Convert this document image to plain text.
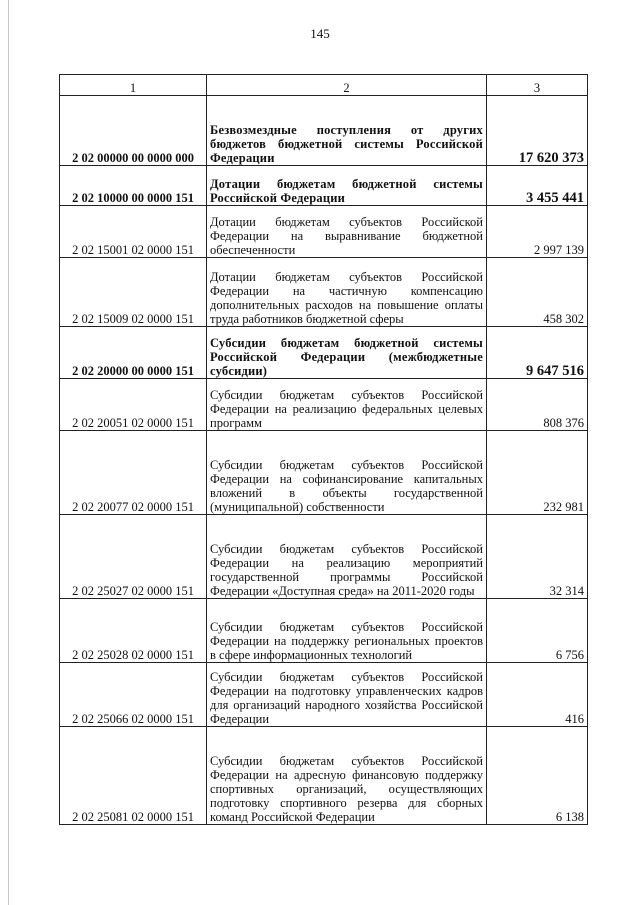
145
1	2	3
2 02 00000 00 0000 000	Безвозмездные поступления от других бюджетов бюджетной системы Российской Федерации	17 620 373
2 02 10000 00 0000 151	Дотации бюджетам бюджетной системы Российской Федерации	3 455 441
2 02 15001 02 0000 151	Дотации бюджетам субъектов Российской Федерации на выравнивание бюджетной обеспеченности	2 997 139
2 02 15009 02 0000 151	Дотации бюджетам субъектов Российской Федерации на частичную компенсацию дополнительных расходов на повышение оплаты труда работников бюджетной сферы	458 302
2 02 20000 00 0000 151	Субсидии бюджетам бюджетной системы Российской Федерации (межбюджетные субсидии)	9 647 516
2 02 20051 02 0000 151	Субсидии бюджетам субъектов Российской Федерации на реализацию федеральных целевых программ	808 376
2 02 20077 02 0000 151	Субсидии бюджетам субъектов Российской Федерации на софинансирование капитальных вложений в объекты государственной (муниципальной) собственности	232 981
2 02 25027 02 0000 151	Субсидии бюджетам субъектов Российской Федерации на реализацию мероприятий государственной программы Российской Федерации «Доступная среда» на 2011-2020 годы	32 314
2 02 25028 02 0000 151	Субсидии бюджетам субъектов Российской Федерации на поддержку региональных проектов в сфере информационных технологий	6 756
2 02 25066 02 0000 151	Субсидии бюджетам субъектов Российской Федерации на подготовку управленческих кадров для организаций народного хозяйства Российской Федерации	416
2 02 25081 02 0000 151	Субсидии бюджетам субъектов Российской Федерации на адресную финансовую поддержку спортивных организаций, осуществляющих подготовку спортивного резерва для сборных команд Российской Федерации	6 138
